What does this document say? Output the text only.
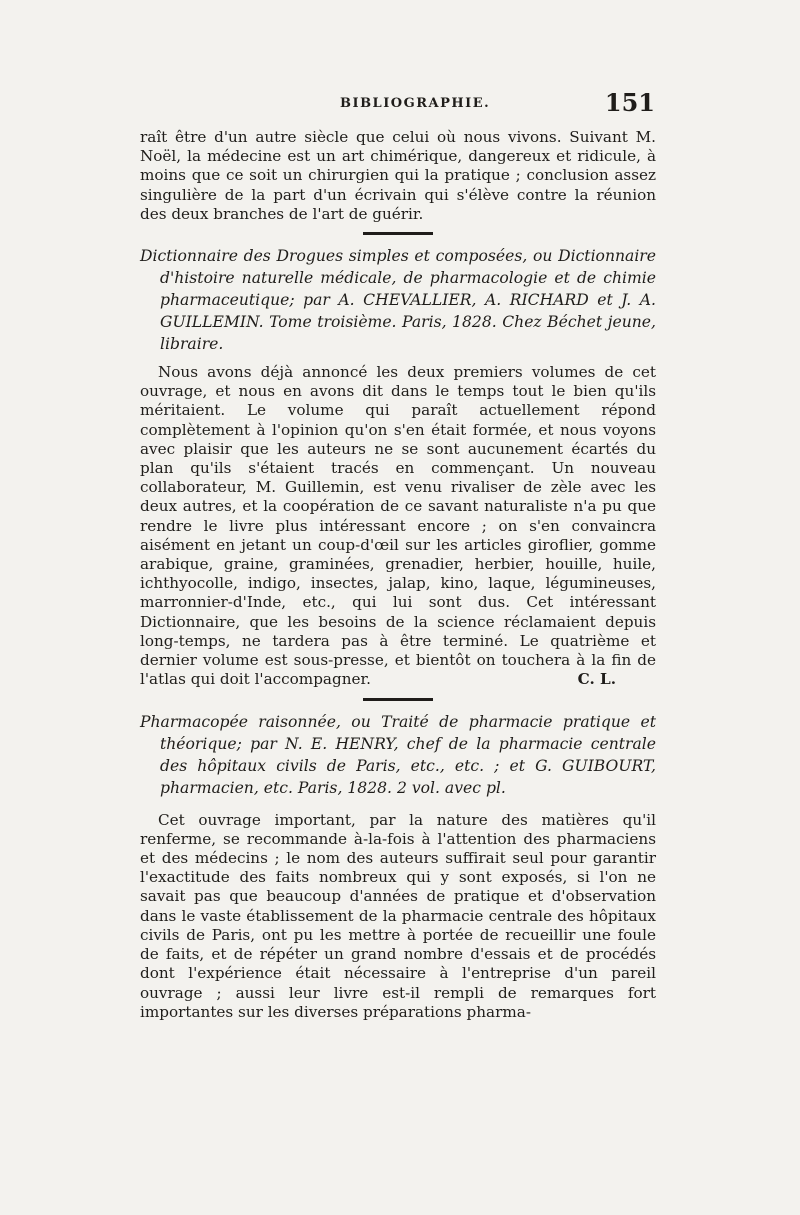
BIBLIOGRAPHIE.	151

raît être d'un autre siècle que celui où nous vivons. Suivant M. Noël, la médecine est un art chimérique, dangereux et ridicule, à moins que ce soit un chirurgien qui la pratique ; conclusion assez singulière de la part d'un écrivain qui s'élève contre la réunion des deux branches de l'art de guérir.

Dictionnaire des Drogues simples et composées, ou Dictionnaire d'histoire naturelle médicale, de pharmacologie et de chimie pharmaceutique; par A. CHEVALLIER, A. RICHARD et J. A. GUILLEMIN. Tome troisième. Paris, 1828. Chez Béchet jeune, libraire.

Nous avons déjà annoncé les deux premiers volumes de cet ouvrage, et nous en avons dit dans le temps tout le bien qu'ils méritaient. Le volume qui paraît actuellement répond complètement à l'opinion qu'on s'en était formée, et nous voyons avec plaisir que les auteurs ne se sont aucunement écartés du plan qu'ils s'étaient tracés en commençant. Un nouveau collaborateur, M. Guillemin, est venu rivaliser de zèle avec les deux autres, et la coopération de ce savant naturaliste n'a pu que rendre le livre plus intéressant encore ; on s'en convaincra aisément en jetant un coup-d'œil sur les articles giroflier, gomme arabique, graine, graminées, grenadier, herbier, houille, huile, ichthyocolle, indigo, insectes, jalap, kino, laque, légumineuses, marronnier-d'Inde, etc., qui lui sont dus. Cet intéressant Dictionnaire, que les besoins de la science réclamaient depuis long-temps, ne tardera pas à être terminé. Le quatrième et dernier volume est sous-presse, et bientôt on touchera à la fin de l'atlas qui doit l'accompagner.	C. L.

Pharmacopée raisonnée, ou Traité de pharmacie pratique et théorique; par N. E. HENRY, chef de la pharmacie centrale des hôpitaux civils de Paris, etc., etc. ; et G. GUIBOURT, pharmacien, etc. Paris, 1828. 2 vol. avec pl.

Cet ouvrage important, par la nature des matières qu'il renferme, se recommande à-la-fois à l'attention des pharmaciens et des médecins ; le nom des auteurs suffirait seul pour garantir l'exactitude des faits nombreux qui y sont exposés, si l'on ne savait pas que beaucoup d'années de pratique et d'observation dans le vaste établissement de la pharmacie centrale des hôpitaux civils de Paris, ont pu les mettre à portée de recueillir une foule de faits, et de répéter un grand nombre d'essais et de procédés dont l'expérience était nécessaire à l'entreprise d'un pareil ouvrage ; aussi leur livre est-il rempli de remarques fort importantes sur les diverses préparations pharma-
